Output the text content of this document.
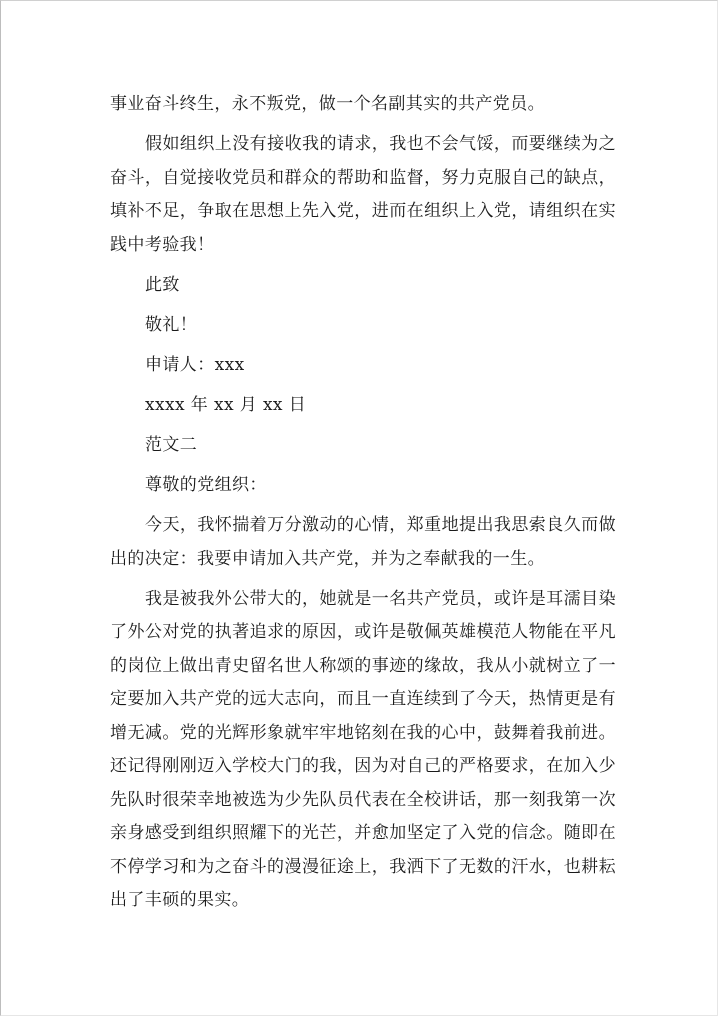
事业奋斗终生，永不叛党，做一个名副其实的共产党员。

假如组织上没有接收我的请求，我也不会气馁，而要继续为之奋斗，自觉接收党员和群众的帮助和监督，努力克服自己的缺点，填补不足，争取在思想上先入党，进而在组织上入党，请组织在实践中考验我！

此致

敬礼！

申请人：xxx

xxxx 年 xx 月 xx 日

范文二

尊敬的党组织：

今天，我怀揣着万分激动的心情，郑重地提出我思索良久而做出的决定：我要申请加入共产党，并为之奉献我的一生。

我是被我外公带大的，她就是一名共产党员，或许是耳濡目染了外公对党的执著追求的原因，或许是敬佩英雄模范人物能在平凡的岗位上做出青史留名世人称颂的事迹的缘故，我从小就树立了一定要加入共产党的远大志向，而且一直连续到了今天，热情更是有增无减。党的光辉形象就牢牢地铭刻在我的心中，鼓舞着我前进。还记得刚刚迈入学校大门的我，因为对自己的严格要求，在加入少先队时很荣幸地被选为少先队员代表在全校讲话，那一刻我第一次亲身感受到组织照耀下的光芒，并愈加坚定了入党的信念。随即在不停学习和为之奋斗的漫漫征途上，我洒下了无数的汗水，也耕耘出了丰硕的果实。
